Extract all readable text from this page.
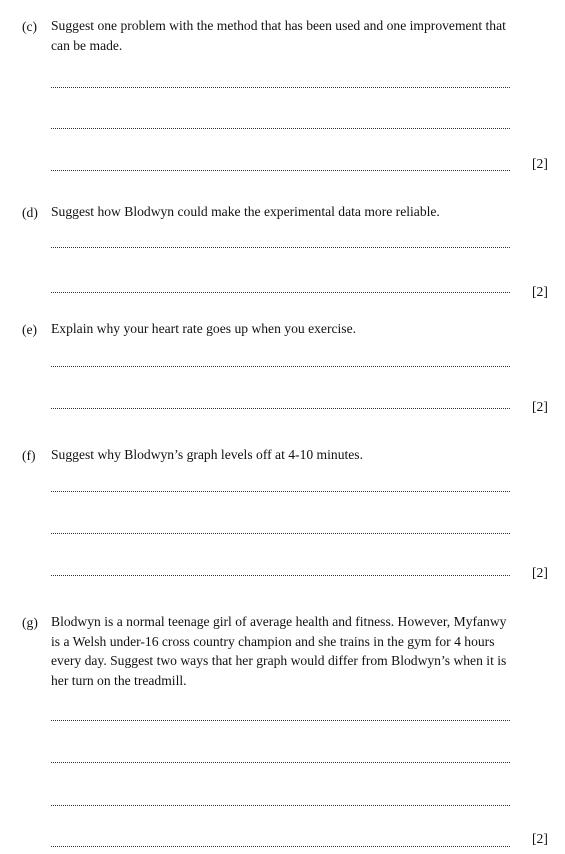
(c) Suggest one problem with the method that has been used and one improvement that can be made.

[2]
(d) Suggest how Blodwyn could make the experimental data more reliable.

[2]
(e) Explain why your heart rate goes up when you exercise.

[2]
(f) Suggest why Blodwyn’s graph levels off at 4-10 minutes.

[2]
(g) Blodwyn is a normal teenage girl of average health and fitness. However, Myfanwy is a Welsh under-16 cross country champion and she trains in the gym for 4 hours every day. Suggest two ways that her graph would differ from Blodwyn’s when it is her turn on the treadmill.

[2]
